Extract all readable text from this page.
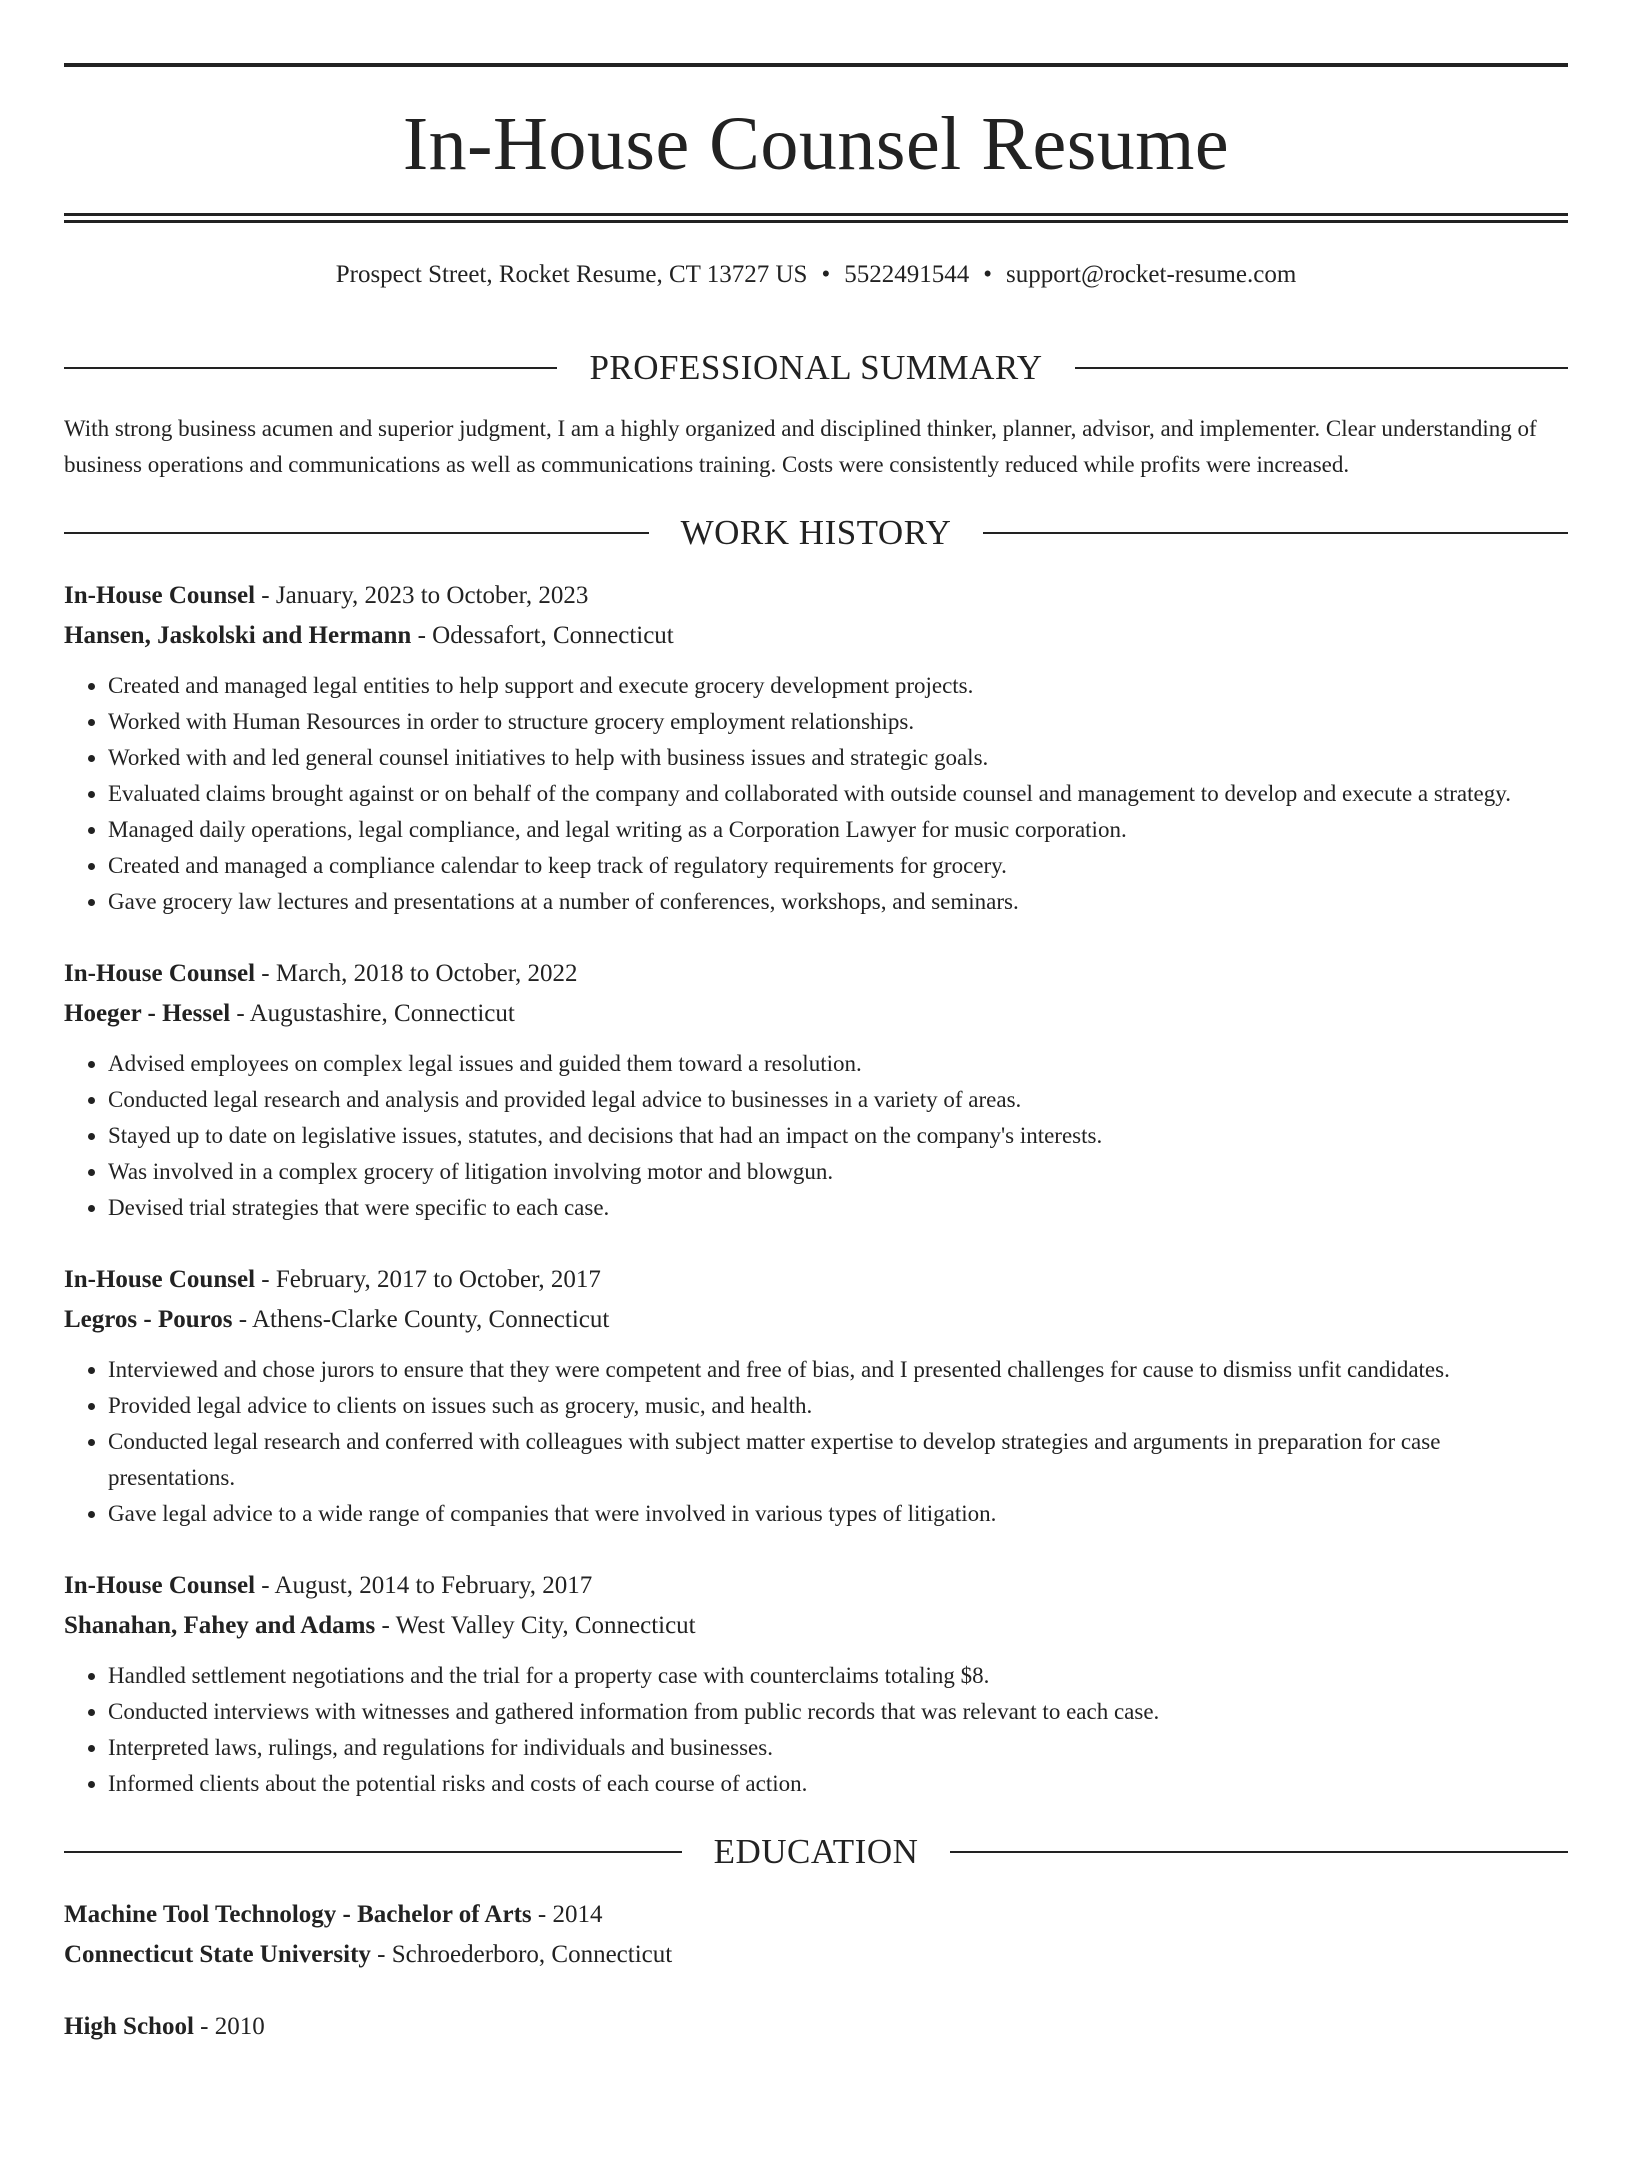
In-House Counsel Resume
Prospect Street, Rocket Resume, CT 13727 US • 5522491544 • support@rocket-resume.com
PROFESSIONAL SUMMARY

With strong business acumen and superior judgment, I am a highly organized and disciplined thinker, planner, advisor, and implementer. Clear understanding of business operations and communications as well as communications training. Costs were consistently reduced while profits were increased.

WORK HISTORY
In-House Counsel - January, 2023 to October, 2023
Hansen, Jaskolski and Hermann - Odessafort, Connecticut
• Created and managed legal entities to help support and execute grocery development projects.
• Worked with Human Resources in order to structure grocery employment relationships.
• Worked with and led general counsel initiatives to help with business issues and strategic goals.
• Evaluated claims brought against or on behalf of the company and collaborated with outside counsel and management to develop and execute a strategy.
• Managed daily operations, legal compliance, and legal writing as a Corporation Lawyer for music corporation.
• Created and managed a compliance calendar to keep track of regulatory requirements for grocery.
• Gave grocery law lectures and presentations at a number of conferences, workshops, and seminars.
In-House Counsel - March, 2018 to October, 2022
Hoeger - Hessel - Augustashire, Connecticut
• Advised employees on complex legal issues and guided them toward a resolution.
• Conducted legal research and analysis and provided legal advice to businesses in a variety of areas.
• Stayed up to date on legislative issues, statutes, and decisions that had an impact on the company's interests.
• Was involved in a complex grocery of litigation involving motor and blowgun.
• Devised trial strategies that were specific to each case.
In-House Counsel - February, 2017 to October, 2017
Legros - Pouros - Athens-Clarke County, Connecticut
• Interviewed and chose jurors to ensure that they were competent and free of bias, and I presented challenges for cause to dismiss unfit candidates.
• Provided legal advice to clients on issues such as grocery, music, and health.
• Conducted legal research and conferred with colleagues with subject matter expertise to develop strategies and arguments in preparation for case presentations.
• Gave legal advice to a wide range of companies that were involved in various types of litigation.
In-House Counsel - August, 2014 to February, 2017
Shanahan, Fahey and Adams - West Valley City, Connecticut
• Handled settlement negotiations and the trial for a property case with counterclaims totaling $8.
• Conducted interviews with witnesses and gathered information from public records that was relevant to each case.
• Interpreted laws, rulings, and regulations for individuals and businesses.
• Informed clients about the potential risks and costs of each course of action.
EDUCATION
Machine Tool Technology - Bachelor of Arts - 2014
Connecticut State University - Schroederboro, Connecticut
High School - 2010
